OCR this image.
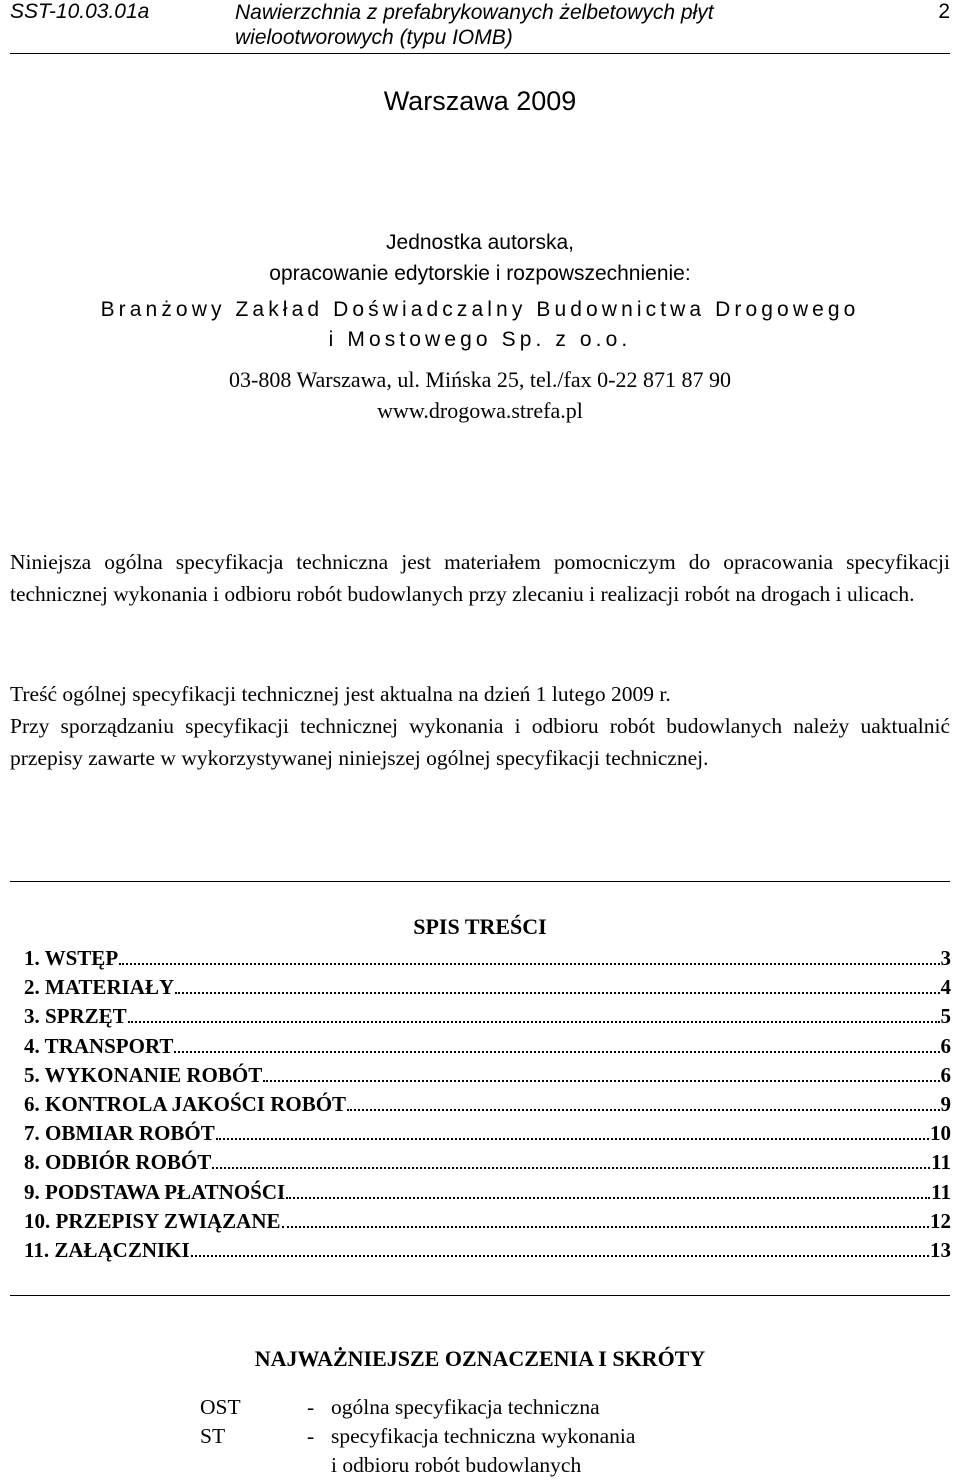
SST-10.03.01a	Nawierzchnia z prefabrykowanych żelbetowych płyt
wielootworowych (typu IOMB)
2
Warszawa 2009
Jednostka autorska,
opracowanie edytorskie i rozpowszechnienie:
Branżowy Zakład Doświadczalny Budownictwa Drogowego
i Mostowego Sp. z o.o.
03-808 Warszawa, ul. Mińska 25, tel./fax 0-22 871 87 90
www.drogowa.strefa.pl
Niniejsza ogólna specyfikacja techniczna jest materiałem pomocniczym do opracowania specyfikacji technicznej wykonania i odbioru robót budowlanych przy zlecaniu i realizacji robót na drogach i ulicach.
Treść ogólnej specyfikacji technicznej jest aktualna na dzień 1 lutego 2009 r.
Przy sporządzaniu specyfikacji technicznej wykonania i odbioru robót budowlanych należy uaktualnić przepisy zawarte w wykorzystywanej niniejszej ogólnej specyfikacji technicznej.
SPIS TREŚCI
1. WSTĘP	3
2. MATERIAŁY	4
3. SPRZĘT	5
4. TRANSPORT	6
5. WYKONANIE ROBÓT	6
6. KONTROLA JAKOŚCI ROBÓT	9
7. OBMIAR ROBÓT	10
8. ODBIÓR ROBÓT	11
9. PODSTAWA PŁATNOŚCI	11
10. PRZEPISY ZWIĄZANE	12
11. ZAŁĄCZNIKI	13
NAJWAŻNIEJSZE OZNACZENIA I SKRÓTY
OST	- ogólna specyfikacja techniczna
ST	- specyfikacja techniczna wykonania
i odbioru robót budowlanych
